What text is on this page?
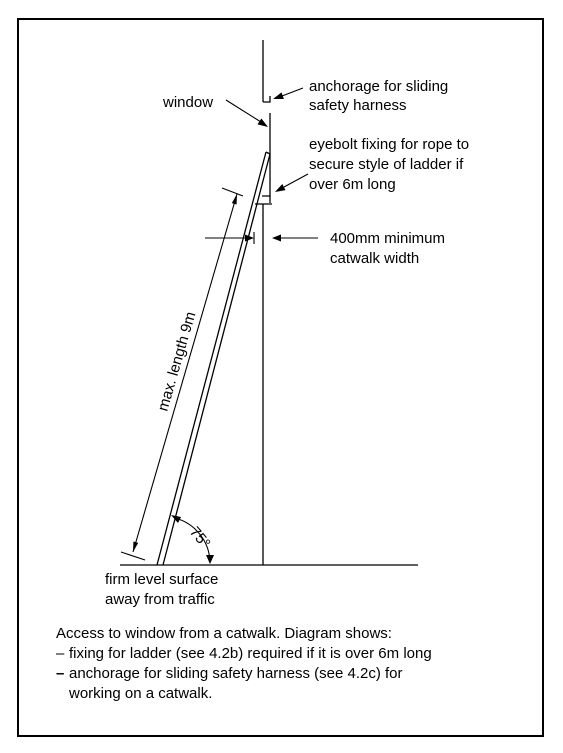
window
anchorage for sliding
safety harness
eyebolt fixing for rope to
secure style of ladder if
over 6m long
400mm minimum
catwalk width
max. length 9m
75°
firm level surface
away from traffic
Access to window from a catwalk. Diagram shows:
– fixing for ladder (see 4.2b) required if it is over 6m long
– anchorage for sliding safety harness (see 4.2c) for
working on a catwalk.
